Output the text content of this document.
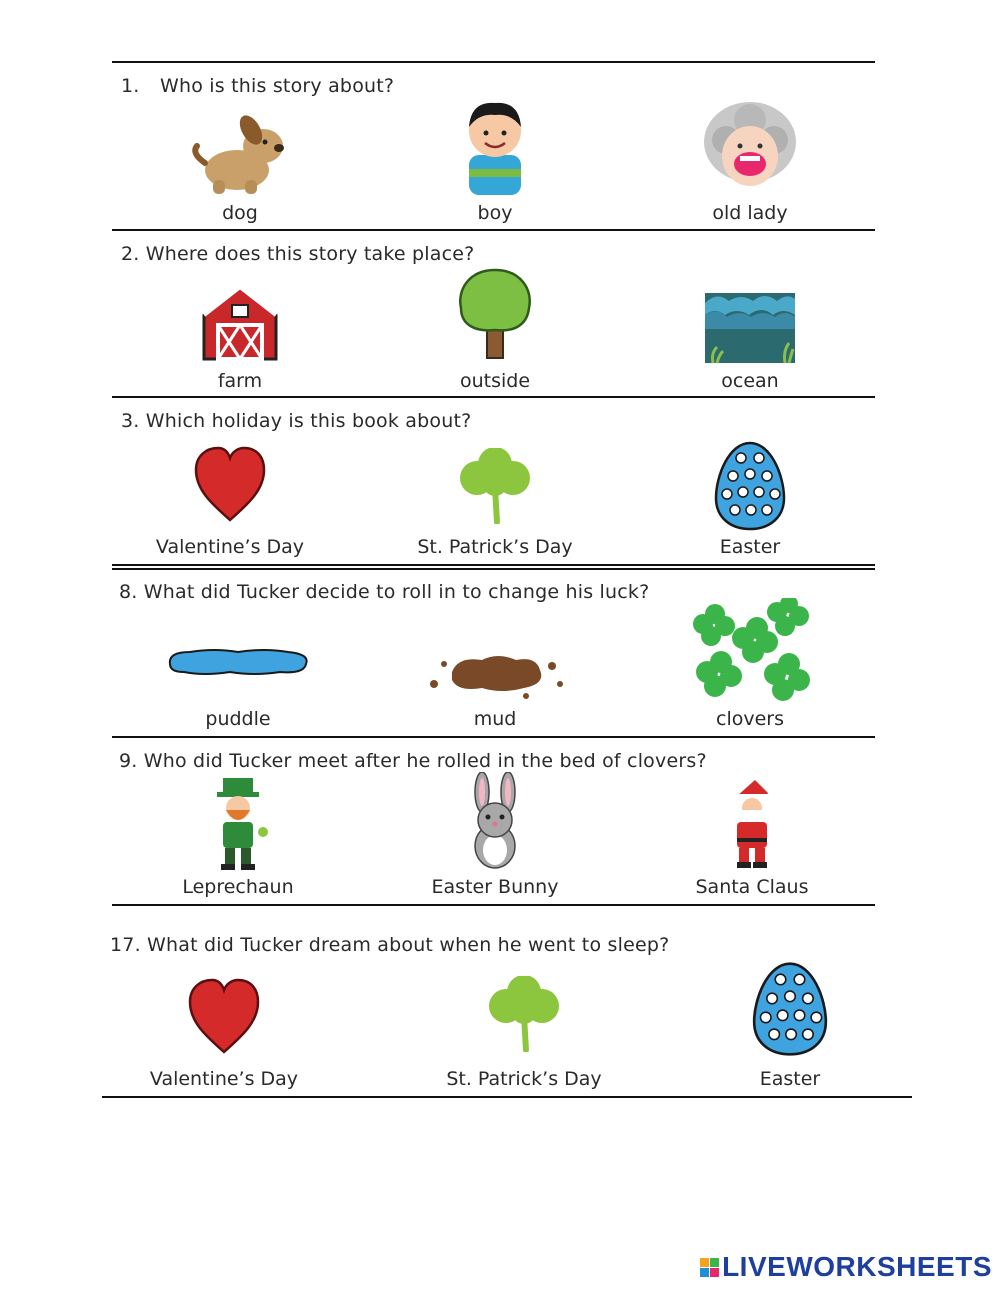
1. Who is this story about?
dog	boy	old lady
2. Where does this story take place?
farm	outside	ocean
3. Which holiday is this book about?
Valentine’s Day	St. Patrick’s Day	Easter
8. What did Tucker decide to roll in to change his luck?
puddle	mud	clovers
9. Who did Tucker meet after he rolled in the bed of clovers?
Leprechaun	Easter Bunny	Santa Claus
17. What did Tucker dream about when he went to sleep?
Valentine’s Day	St. Patrick’s Day	Easter
LIVEWORKSHEETS
